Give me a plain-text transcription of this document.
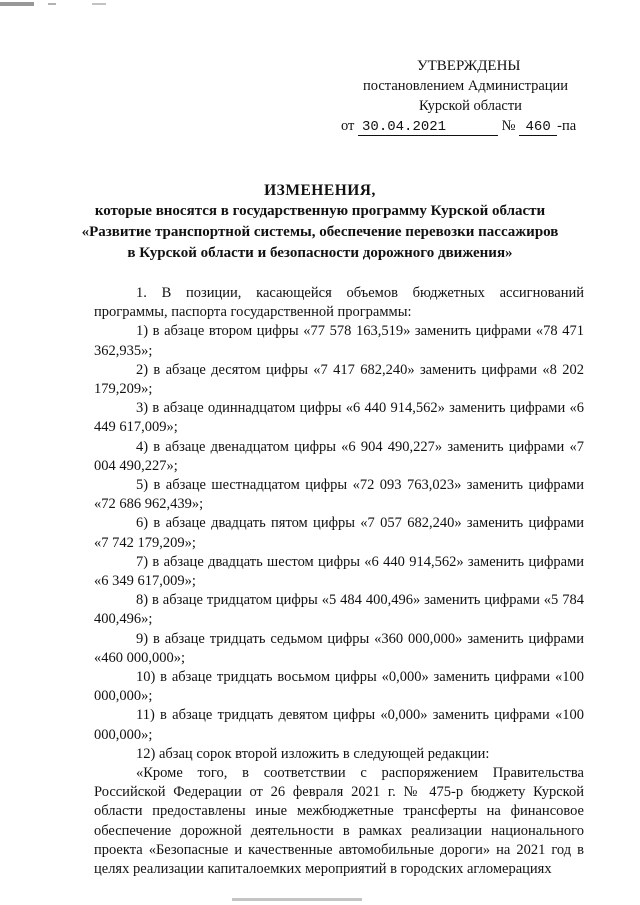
УТВЕРЖДЕНЫ
постановлением Администрации
Курской области
от 30.04.2021	№ 460 -па
ИЗМЕНЕНИЯ,
которые вносятся в государственную программу Курской области
«Развитие транспортной системы, обеспечение перевозки пассажиров
в Курской области и безопасности дорожного движения»

1. В позиции, касающейся объемов бюджетных ассигнований программы, паспорта государственной программы:

1) в абзаце втором цифры «77 578 163,519» заменить цифрами «78 471 362,935»;

2) в абзаце десятом цифры «7 417 682,240» заменить цифрами «8 202 179,209»;

3) в абзаце одиннадцатом цифры «6 440 914,562» заменить цифрами «6 449 617,009»;

4) в абзаце двенадцатом цифры «6 904 490,227» заменить цифрами «7 004 490,227»;

5) в абзаце шестнадцатом цифры «72 093 763,023» заменить цифрами «72 686 962,439»;

6) в абзаце двадцать пятом цифры «7 057 682,240» заменить цифрами «7 742 179,209»;

7) в абзаце двадцать шестом цифры «6 440 914,562» заменить цифрами «6 349 617,009»;

8) в абзаце тридцатом цифры «5 484 400,496» заменить цифрами «5 784 400,496»;

9) в абзаце тридцать седьмом цифры «360 000,000» заменить цифрами «460 000,000»;

10) в абзаце тридцать восьмом цифры «0,000» заменить цифрами «100 000,000»;

11) в абзаце тридцать девятом цифры «0,000» заменить цифрами «100 000,000»;

12) абзац сорок второй изложить в следующей редакции:

«Кроме того, в соответствии с распоряжением Правительства Российской Федерации от 26 февраля 2021 г. № 475-р бюджету Курской области предоставлены иные межбюджетные трансферты на финансовое обеспечение дорожной деятельности в рамках реализации национального проекта «Безопасные и качественные автомобильные дороги» на 2021 год в целях реализации капиталоемких мероприятий в городских агломерациях
